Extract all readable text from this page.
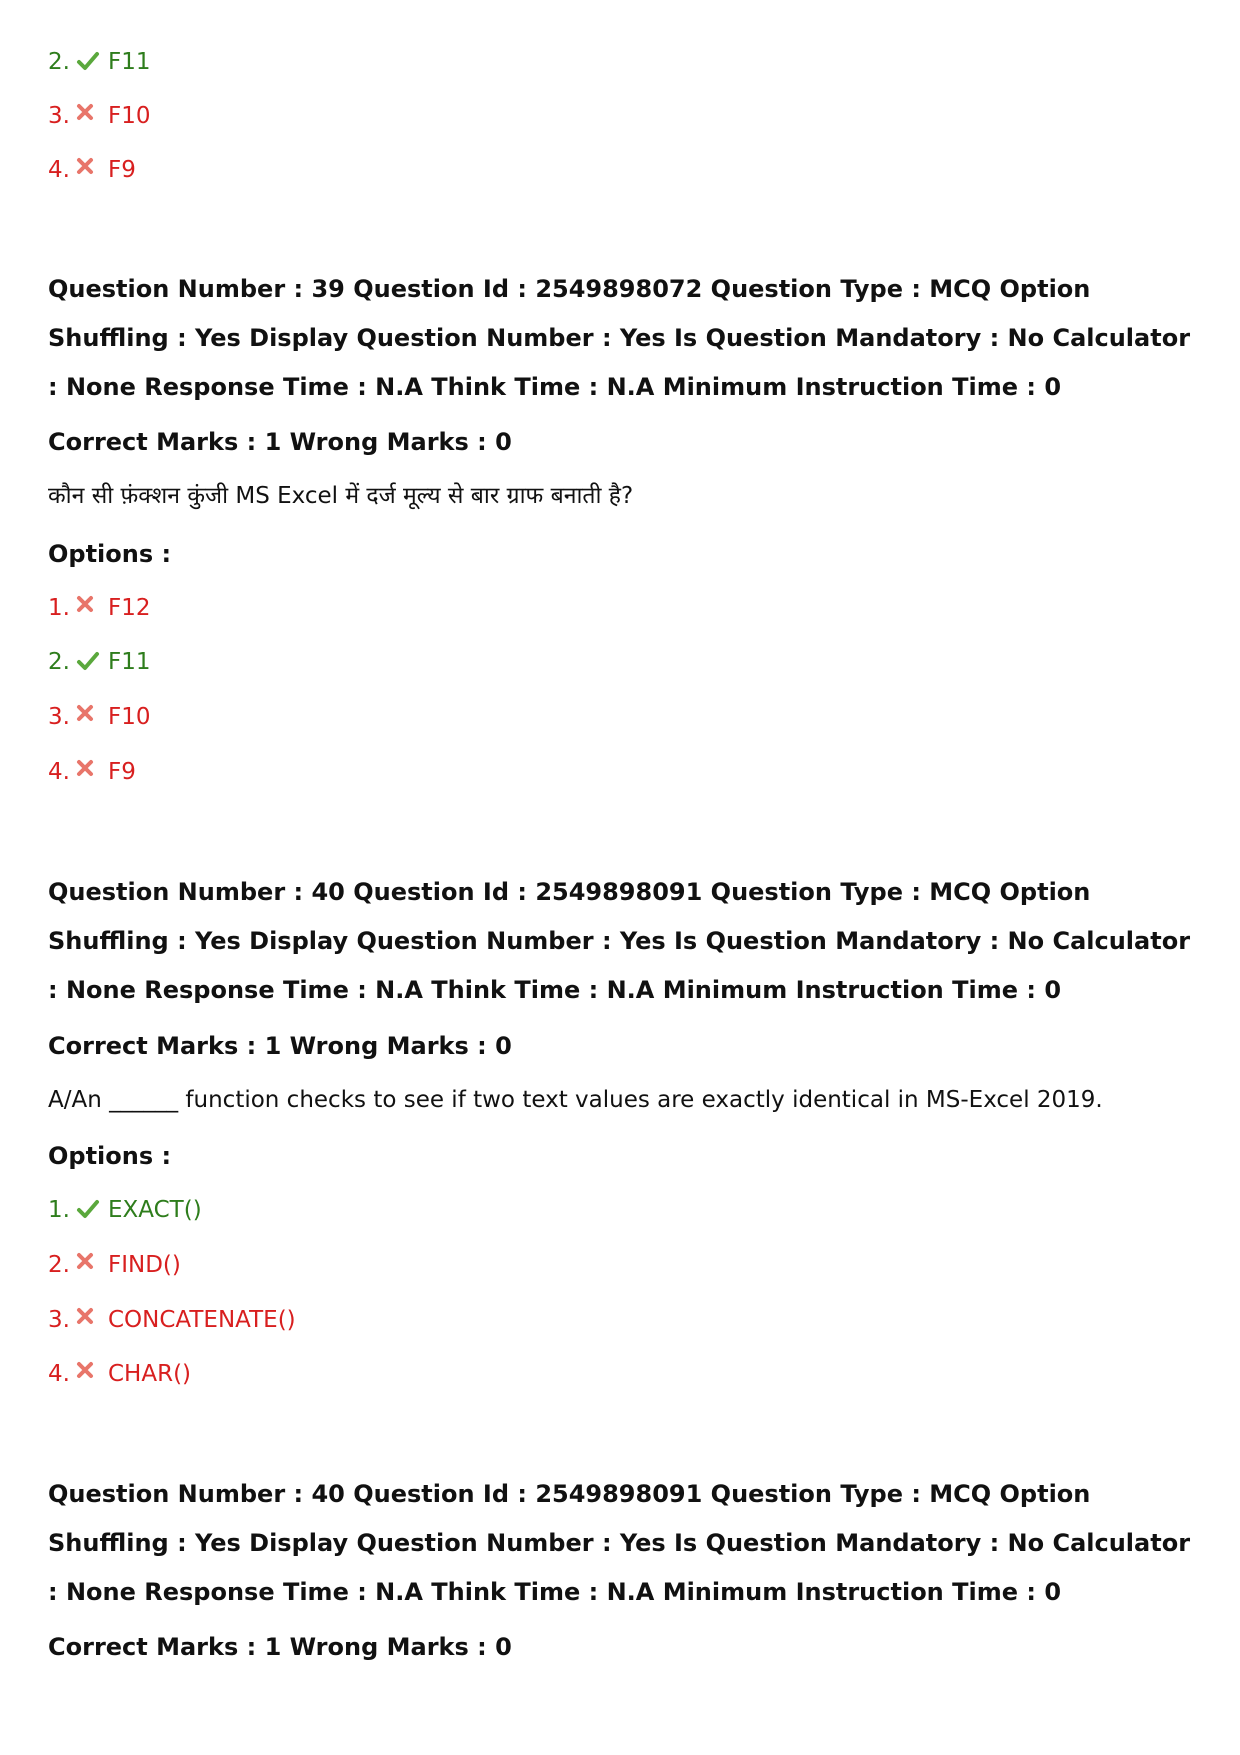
2. F11
3. F10
4. F9
Question Number : 39 Question Id : 2549898072 Question Type : MCQ Option Shuffling : Yes Display Question Number : Yes Is Question Mandatory : No Calculator : None Response Time : N.A Think Time : N.A Minimum Instruction Time : 0
Correct Marks : 1 Wrong Marks : 0
कौन सी फ़ंक्शन कुंजी MS Excel में दर्ज मूल्य से बार ग्राफ बनाती है?
Options :
1. F12
2. F11
3. F10
4. F9
Question Number : 40 Question Id : 2549898091 Question Type : MCQ Option Shuffling : Yes Display Question Number : Yes Is Question Mandatory : No Calculator : None Response Time : N.A Think Time : N.A Minimum Instruction Time : 0
Correct Marks : 1 Wrong Marks : 0
A/An ______ function checks to see if two text values are exactly identical in MS-Excel 2019.
Options :
1. EXACT()
2. FIND()
3. CONCATENATE()
4. CHAR()
Question Number : 40 Question Id : 2549898091 Question Type : MCQ Option Shuffling : Yes Display Question Number : Yes Is Question Mandatory : No Calculator : None Response Time : N.A Think Time : N.A Minimum Instruction Time : 0
Correct Marks : 1 Wrong Marks : 0
